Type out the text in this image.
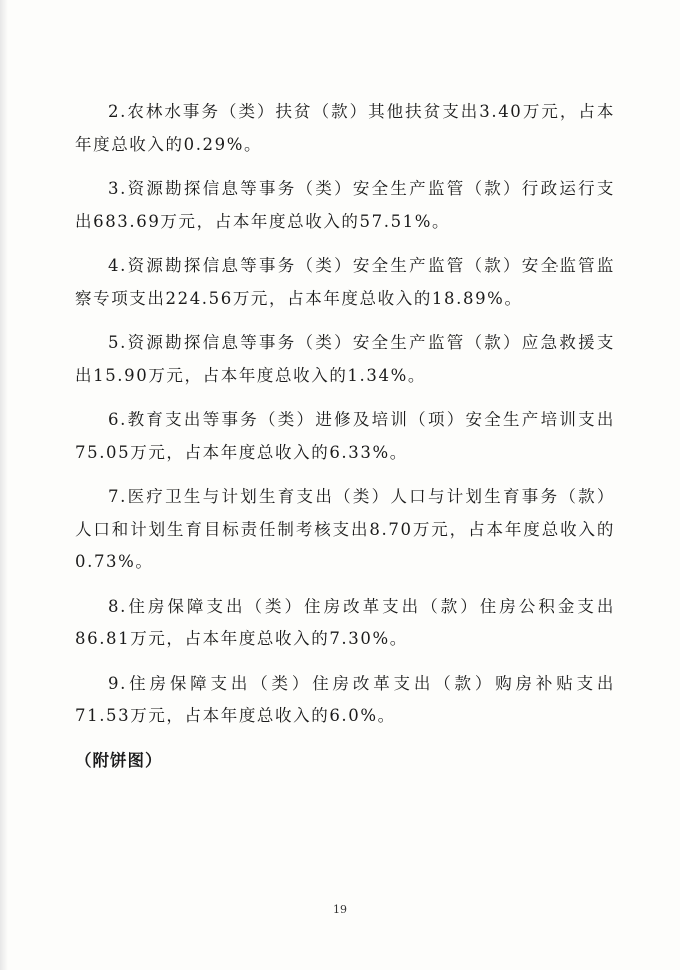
2.农林水事务（类）扶贫（款）其他扶贫支出3.40万元，占本年度总收入的0.29%。

3.资源勘探信息等事务（类）安全生产监管（款）行政运行支出683.69万元，占本年度总收入的57.51%。

4.资源勘探信息等事务（类）安全生产监管（款）安全监管监察专项支出224.56万元，占本年度总收入的18.89%。

5.资源勘探信息等事务（类）安全生产监管（款）应急救援支出15.90万元，占本年度总收入的1.34%。

6.教育支出等事务（类）进修及培训（项）安全生产培训支出75.05万元，占本年度总收入的6.33%。

7.医疗卫生与计划生育支出（类）人口与计划生育事务（款）人口和计划生育目标责任制考核支出8.70万元，占本年度总收入的0.73%。

8.住房保障支出（类）住房改革支出（款）住房公积金支出86.81万元，占本年度总收入的7.30%。

9.住房保障支出（类）住房改革支出（款）购房补贴支出71.53万元，占本年度总收入的6.0%。

（附饼图）

19
